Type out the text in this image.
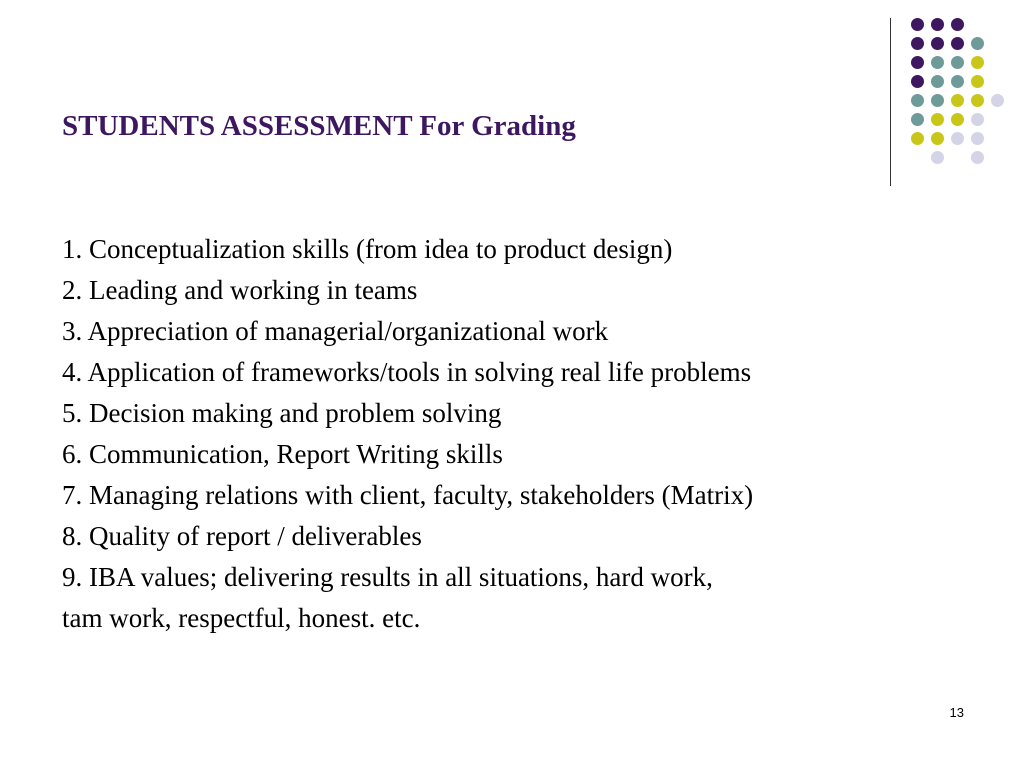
STUDENTS ASSESSMENT For Grading
1. Conceptualization skills (from idea to product design)
2. Leading and working in teams
3. Appreciation of managerial/organizational work
4. Application of frameworks/tools in solving real life problems
5. Decision making and problem solving
6. Communication, Report Writing skills
7. Managing relations with client, faculty, stakeholders (Matrix)
8. Quality of report / deliverables
9. IBA values; delivering results in all situations, hard work,
tam work, respectful, honest. etc.
13
